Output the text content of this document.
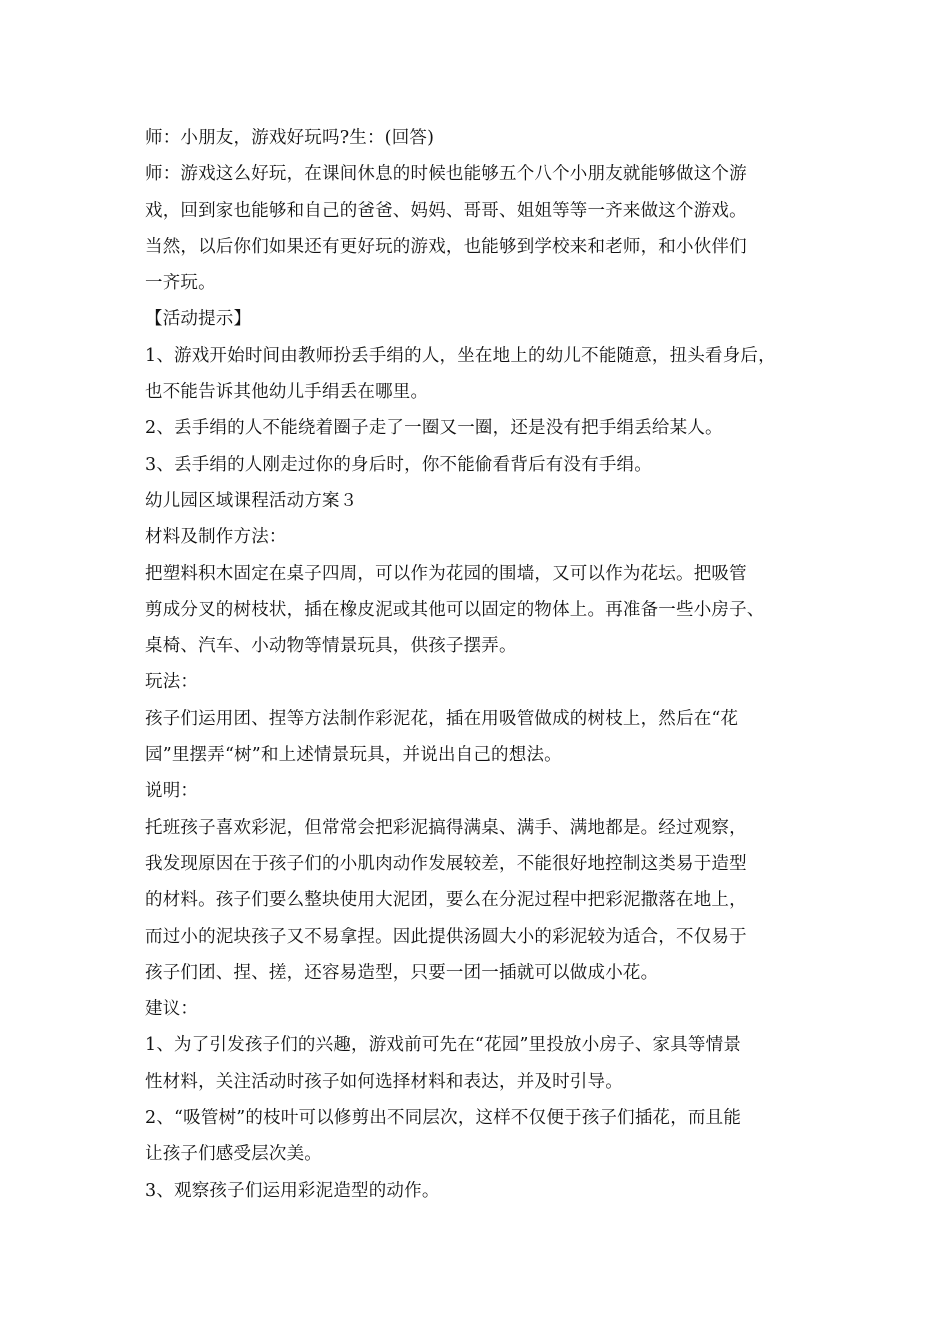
师：小朋友，游戏好玩吗?生：(回答)
师：游戏这么好玩，在课间休息的时候也能够五个八个小朋友就能够做这个游
戏，回到家也能够和自己的爸爸、妈妈、哥哥、姐姐等等一齐来做这个游戏。
当然，以后你们如果还有更好玩的游戏，也能够到学校来和老师，和小伙伴们
一齐玩。
【活动提示】
1、游戏开始时间由教师扮丢手绢的人，坐在地上的幼儿不能随意，扭头看身后，
也不能告诉其他幼儿手绢丢在哪里。
2、丢手绢的人不能绕着圈子走了一圈又一圈，还是没有把手绢丢给某人。
3、丢手绢的人刚走过你的身后时，你不能偷看背后有没有手绢。
幼儿园区域课程活动方案３
材料及制作方法：
把塑料积木固定在桌子四周，可以作为花园的围墙，又可以作为花坛。把吸管
剪成分叉的树枝状，插在橡皮泥或其他可以固定的物体上。再准备一些小房子、
桌椅、汽车、小动物等情景玩具，供孩子摆弄。
玩法：
孩子们运用团、捏等方法制作彩泥花，插在用吸管做成的树枝上，然后在“花
园”里摆弄“树”和上述情景玩具，并说出自己的想法。
说明：
托班孩子喜欢彩泥，但常常会把彩泥搞得满桌、满手、满地都是。经过观察，
我发现原因在于孩子们的小肌肉动作发展较差，不能很好地控制这类易于造型
的材料。孩子们要么整块使用大泥团，要么在分泥过程中把彩泥撒落在地上，
而过小的泥块孩子又不易拿捏。因此提供汤圆大小的彩泥较为适合，不仅易于
孩子们团、捏、搓，还容易造型，只要一团一插就可以做成小花。
建议：
1、为了引发孩子们的兴趣，游戏前可先在“花园”里投放小房子、家具等情景
性材料，关注活动时孩子如何选择材料和表达，并及时引导。
2、“吸管树”的枝叶可以修剪出不同层次，这样不仅便于孩子们插花，而且能
让孩子们感受层次美。
3、观察孩子们运用彩泥造型的动作。
